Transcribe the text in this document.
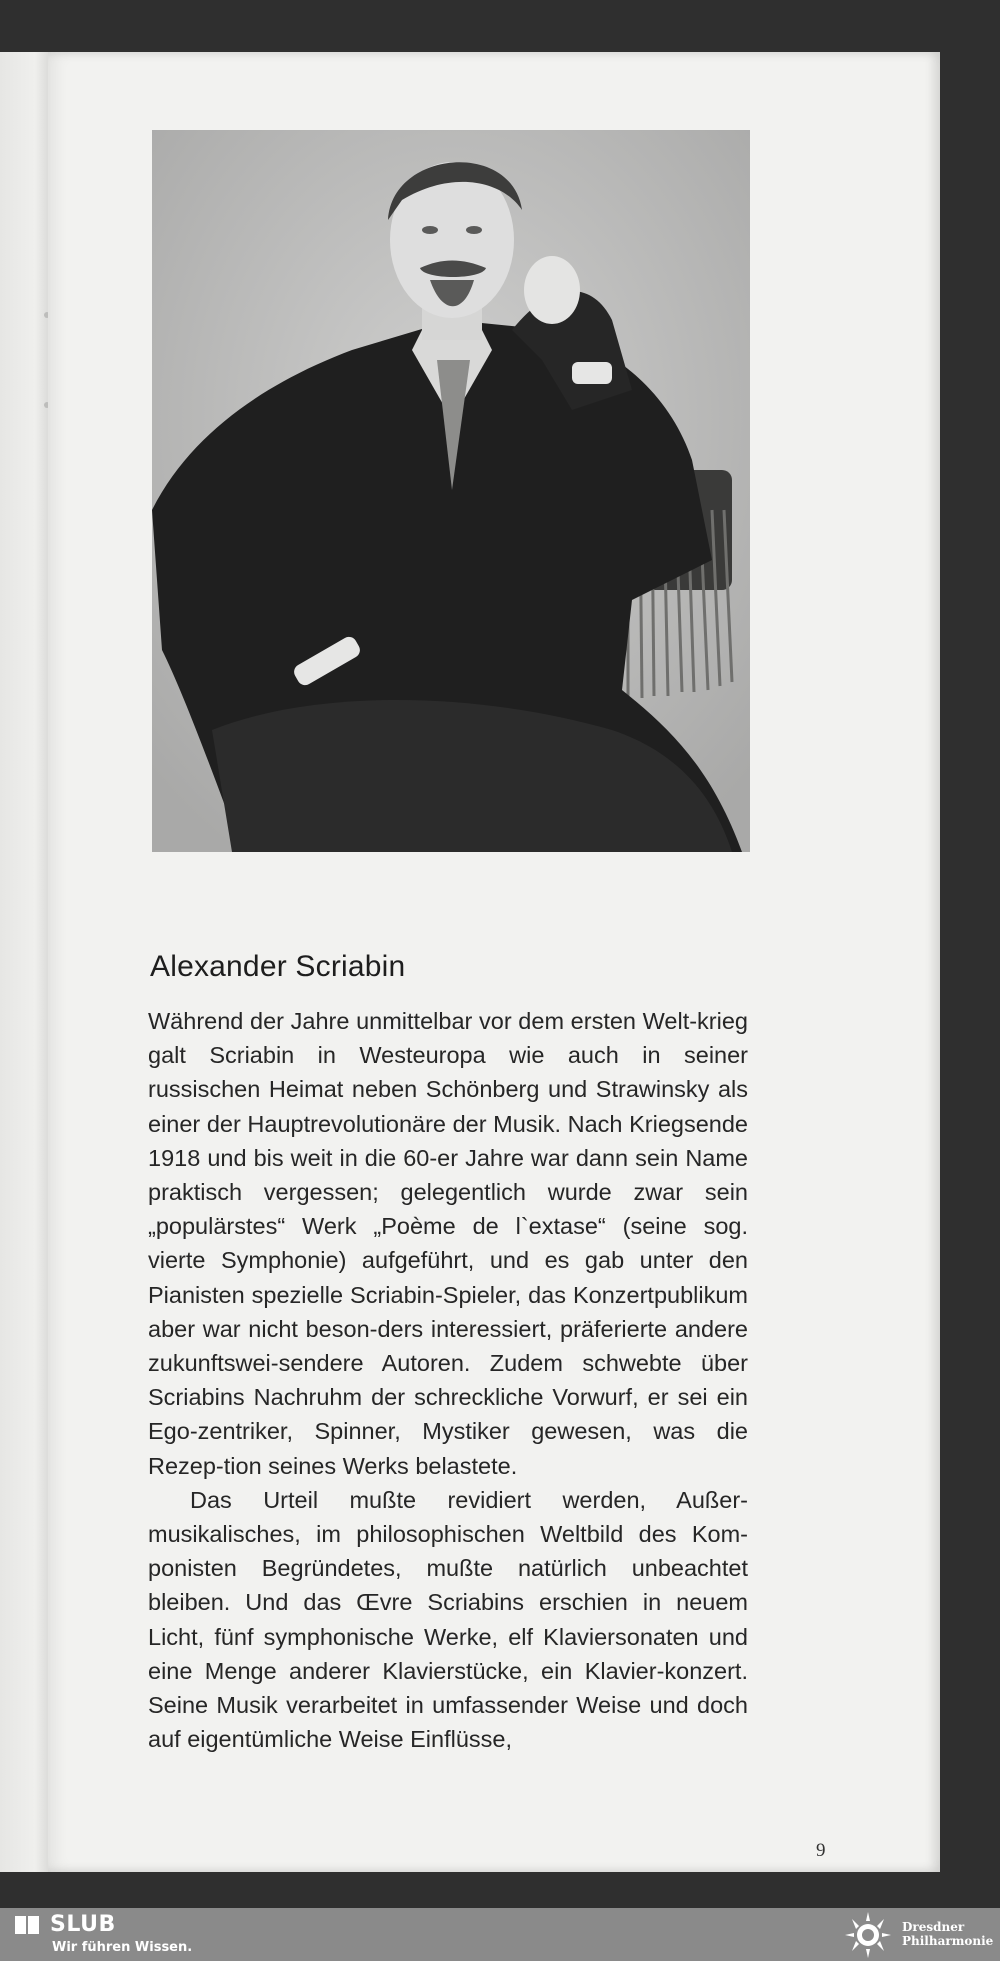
Alexander Scriabin

Während der Jahre unmittelbar vor dem ersten Welt-krieg galt Scriabin in Westeuropa wie auch in seiner russischen Heimat neben Schönberg und Strawinsky als einer der Hauptrevolutionäre der Musik. Nach Kriegsende 1918 und bis weit in die 60-er Jahre war dann sein Name praktisch vergessen; gelegentlich wurde zwar sein „populärstes“ Werk „Poème de l`extase“ (seine sog. vierte Symphonie) aufgeführt, und es gab unter den Pianisten spezielle Scriabin-Spieler, das Konzertpublikum aber war nicht beson-ders interessiert, präferierte andere zukunftswei-sendere Autoren. Zudem schwebte über Scriabins Nachruhm der schreckliche Vorwurf, er sei ein Ego-zentriker, Spinner, Mystiker gewesen, was die Rezep-tion seines Werks belastete.

Das Urteil mußte revidiert werden, Außer-musikalisches, im philosophischen Weltbild des Kom-ponisten Begründetes, mußte natürlich unbeachtet bleiben. Und das Œvre Scriabins erschien in neuem Licht, fünf symphonische Werke, elf Klaviersonaten und eine Menge anderer Klavierstücke, ein Klavier-konzert. Seine Musik verarbeitet in umfassender Weise und doch auf eigentümliche Weise Einflüsse,

9
SLUB
Wir führen Wissen.
Dresdner
Philharmonie
